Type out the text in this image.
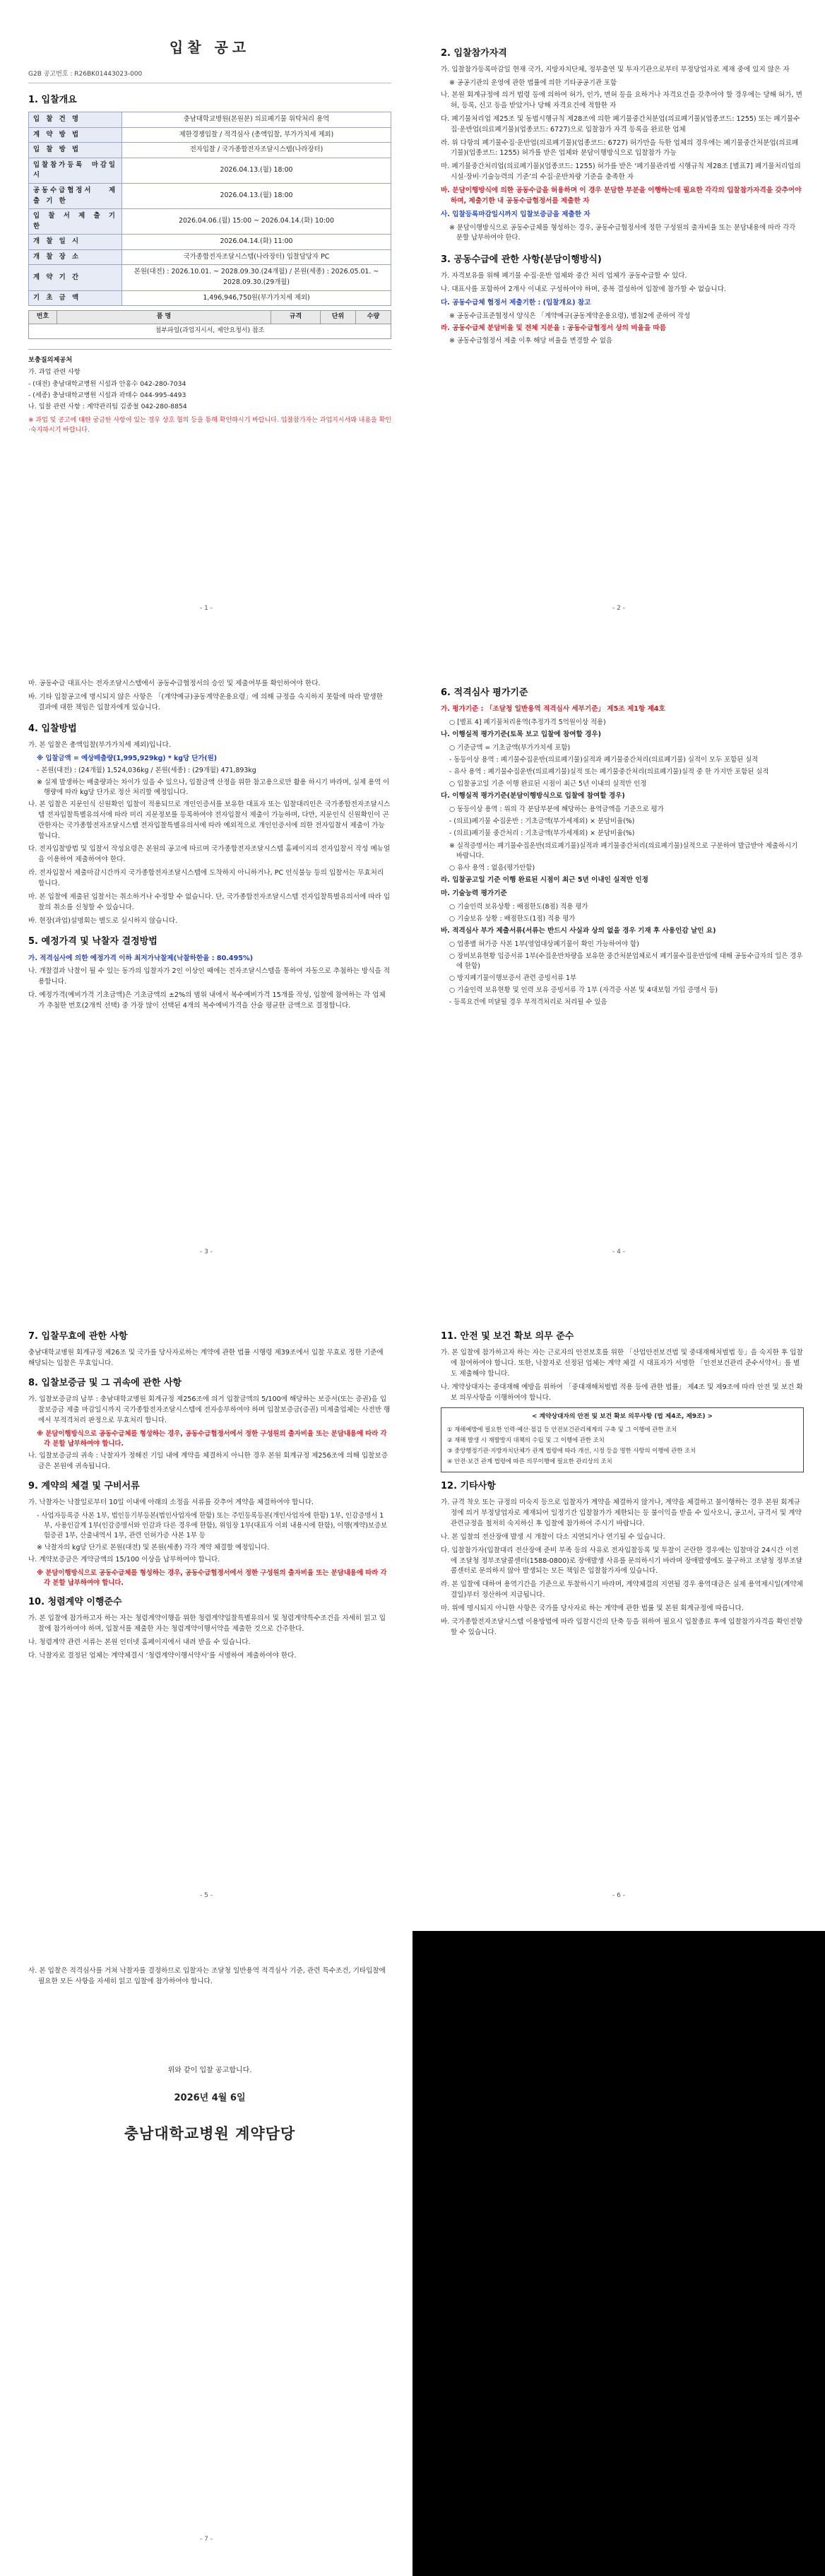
입찰 공고
G2B 공고번호 : R26BK01443023-000
1. 입찰개요
입 찰 건 명	충남대학교병원(본원분) 의료폐기물 위탁처리 용역
계 약 방 법	제한경쟁입찰 / 적격심사 (총액입찰, 부가가치세 제외)
입 찰 방 법	전자입찰 / 국가종합전자조달시스템(나라장터)
입찰참가등록 마감일시	2026.04.13.(월) 18:00
공동수급협정서 제 출 기 한	2026.04.13.(월) 18:00
입 찰 서 제 출 기 한	2026.04.06.(월) 15:00 ~ 2026.04.14.(화) 10:00
개 찰 일 시	2026.04.14.(화) 11:00
개 찰 장 소	국가종합전자조달시스템(나라장터) 입찰담당자 PC
계 약 기 간	본원(대전) : 2026.10.01. ~ 2028.09.30.(24개월) / 본원(세종) : 2026.05.01. ~ 2028.09.30.(29개월)
기 초 금 액	1,496,946,750원(부가가치세 제외)
번호	품 명	규격	단위	수량
첨부파일(과업지시서, 제안요청서) 참조
보충질의제공처

가. 과업 관련 사항

- (대전) 충남대학교병원 시설과 안홍수 042-280-7034

- (세종) 충남대학교병원 시설과 곽태수 044-995-4493

나. 입찰 관련 사항 : 계약관리팀 김종철 042-280-8854

※ 과업 및 공고에 대한 궁금한 사항이 있는 경우 상호 협의 등을 통해 확인하시기 바랍니다. 입찰참가자는 과업지시서와 내용을 확인·숙지하시기 바랍니다.

- 1 -
2. 입찰참가자격

가. 입찰참가등록마감일 현재 국가, 지방자치단체, 정부출연 및 투자기관으로부터 부정당업자로 제재 중에 있지 않은 자

※ 공공기관의 운영에 관한 법률에 의한 기타공공기관 포함

나. 본원 회계규정에 의거 법령 등에 의하여 허가, 인가, 면허 등을 요하거나 자격요건을 갖추어야 할 경우에는 당해 허가, 면허, 등록, 신고 등을 받았거나 당해 자격요건에 적합한 자

다. 폐기물처리업 제25조 및 동법시행규칙 제28조에 의한 폐기물중간처분업(의료폐기물)(업종코드: 1255) 또는 폐기물수집·운반업(의료폐기물)(업종코드: 6727)으로 입찰참가 자격 등록을 완료한 업체

라. 위 다항의 폐기물수집·운반업(의료폐기물)(업종코드: 6727) 허가만을 득한 업체의 경우에는 폐기물중간처분업(의료폐기물)(업종코드: 1255) 허가를 받은 업체와 분담이행방식으로 입찰참가 가능

마. 폐기물중간처리업(의료폐기물)(업종코드: 1255) 허가를 받은 ‘폐기물관리법 시행규칙 제28조 [별표7] 폐기물처리업의 시설·장비·기술능력의 기준’의 수집·운반차량 기준을 충족한 자

바. 분담이행방식에 의한 공동수급을 허용하며 이 경우 분담한 부분을 이행하는데 필요한 각각의 입찰참가자격을 갖추어야 하며, 제출기한 내 공동수급협정서를 제출한 자

사. 입찰등록마감일시까지 입찰보증금을 제출한 자

※ 분담이행방식으로 공동수급체를 형성하는 경우, 공동수급협정서에 정한 구성원의 출자비율 또는 분담내용에 따라 각각 분할 납부하여야 한다.

3. 공동수급에 관한 사항(분담이행방식)

가. 자격보유를 위해 폐기물 수집·운반 업체와 중간 처리 업체가 공동수급할 수 있다.

나. 대표사를 포함하여 2개사 이내로 구성하여야 하며, 중복 결성하여 입찰에 참가할 수 없습니다.

다. 공동수급체 협정서 제출기한 : (입찰개요) 참고

※ 공동수급표준협정서 양식은 「계약예규(공동계약운용요령), 별첨2에 준하여 작성

라. 공동수급체 분담비율 및 전체 지분율 : 공동수급협정서 상의 비율을 따름

※ 공동수급협정서 제출 이후 해당 비율을 변경할 수 없음

- 2 -

마. 공동수급 대표사는 전자조달시스템에서 공동수급협정서의 승인 및 제출여부를 확인하여야 한다.

바. 기타 입찰공고에 명시되지 않은 사항은 「(계약예규)공동계약운용요령」에 의해 규정을 숙지하지 못함에 따라 발생한 결과에 대한 책임은 입찰자에게 있습니다.

4. 입찰방법

가. 본 입찰은 총액입찰(부가가치세 제외)입니다.

※ 입찰금액 = 예상배출량(1,995,929kg) * kg당 단가(원)

- 본원(대전) : (24개월) 1,524,036kg / 본원(세종) : (29개월) 471,893kg

※ 실제 발생하는 배출량과는 차이가 있을 수 있으나, 입찰금액 산정을 위한 참고용으로만 활용 하시기 바라며, 실제 용역 이행량에 따라 kg당 단가로 정산 처리할 예정입니다.

나. 본 입찰은 지문인식 신원확인 입찰이 적용되므로 개인인증서를 보유한 대표자 또는 입찰대리인은 국가종합전자조달시스템 전자입찰특별유의서에 따라 미리 지문정보를 등록하여야 전자입찰서 제출이 가능하며, 다만, 지문인식 신원확인이 곤란한자는 국가종합전자조달시스템 전자입찰특별유의서에 따라 예외적으로 개인인증서에 의한 전자입찰서 제출이 가능합니다.

다. 전자입찰방법 및 입찰서 작성요령은 본원의 공고에 따르며 국가종합전자조달시스템 홈페이지의 전자입찰서 작성 메뉴얼을 이용하여 제출하여야 한다.

라. 전자입찰서 제출마감시간까지 국가종합전자조달시스템에 도착하지 아니하거나, PC 인식불능 등의 입찰서는 무효처리 합니다.

마. 본 입찰에 제출된 입찰서는 취소하거나 수정할 수 없습니다. 단, 국가종합전자조달시스템 전자입찰특별유의서에 따라 입찰의 취소를 신청할 수 있습니다.

바. 현장(과업)설명회는 별도로 실시하지 않습니다.

5. 예정가격 및 낙찰자 결정방법

가. 적격심사에 의한 예정가격 이하 최저가낙찰제(낙찰하한율 : 80.495%)

나. 개찰결과 낙찰이 될 수 있는 동가의 입찰자가 2인 이상인 때에는 전자조달시스템을 통하여 자동으로 추첨하는 방식을 적용합니다.

다. 예정가격(예비가격 기초금액)은 기초금액의 ±2%의 범위 내에서 복수예비가격 15개를 작성, 입찰에 참여하는 각 업체가 추첨한 번호(2개씩 선택) 중 가장 많이 선택된 4개의 복수예비가격을 산술 평균한 금액으로 결정합니다.

- 3 -
6. 적격심사 평가기준

가. 평가기준 : 「조달청 일반용역 적격심사 세부기준」 제5조 제1항 제4호

○ [별표 4] 폐기물처리용역(추정가격 5억원이상 적용)

나. 이행실적 평가기준(토목 보고 입찰에 참여할 경우)

○ 기준금액 = 기초금액(부가가치세 포함)

- 동등이상 용역 : 폐기물수집운반(의료폐기물)실적과 폐기물중간처리(의료폐기물) 실적이 모두 포함된 실적

- 유사 용역 : 폐기물수집운반(의료폐기물)실적 또는 폐기물중간처리(의료폐기물)실적 중 한 가지만 포함된 실적

○ 입찰공고일 기준 이행 완료된 시점이 최근 5년 이내의 실적만 인정

다. 이행실적 평가기준(분담이행방식으로 입찰에 참여할 경우)

○ 동등이상 용역 : 위의 각 분담부분에 해당하는 용역금액을 기준으로 평가

- (의료)폐기물 수집운반 : 기초금액(부가세제외) × 분담비율(%)

- (의료)폐기물 중간처리 : 기초금액(부가세제외) × 분담비율(%)

※ 실적증명서는 폐기물수집운반(의료폐기물)실적과 폐기물중간처리(의료폐기물)실적으로 구분하여 발급받아 제출하시기 바랍니다.

○ 유사 용역 : 없음(평가안함)

라. 입찰공고일 기준 이행 완료된 시점이 최근 5년 이내인 실적만 인정

마. 기술능력 평가기준

○ 기술인력 보유상황 : 배점한도(8점) 적용 평가

○ 기술보유 상황 : 배점한도(1점) 적용 평가

바. 적격심사 부가 제출서류(서류는 반드시 사실과 상의 없을 경우 기재 후 사용인감 날인 요)

○ 업종별 허가증 사본 1부(영업대상폐기물이 확인 가능하여야 함)

○ 장비보유현황 입증서류 1부(수집운반차량을 보유한 중간처분업체로서 폐기물수집운반업에 대해 공동수급자의 일은 경우에 한함)

○ 방지폐기물이행보증서 관련 증빙서류 1부

○ 기술인력 보유현황 및 인력 보유 증빙서류 각 1부 (자격증 사본 및 4대보험 가입 증명서 등)

- 등록요건에 미달될 경우 부적격처리로 처리될 수 있음

- 4 -
7. 입찰무효에 관한 사항

충남대학교병원 회계규정 제26조 및 국가를 당사자로하는 계약에 관한 법률 시행령 제39조에서 입찰 무효로 정한 기준에 해당되는 입찰은 무효입니다.

8. 입찰보증금 및 그 귀속에 관한 사항

가. 입찰보증금의 납부 : 충남대학교병원 회계규정 제256조에 의거 입찰금액의 5/100에 해당하는 보증서(또는 증권)을 입찰보증금 제출 마감일시까지 국가종합전자조달시스템에 전자송부하여야 하며 입찰보증금(증권) 미제출업체는 사전반 행에서 부적격처리 판정으로 무효처리 합니다.

※ 분담이행방식으로 공동수급체를 형성하는 경우, 공동수급협정서에서 정한 구성원의 출자비율 또는 분담내용에 따라 각각 분할 납부하여야 합니다.

나. 입찰보증금의 귀속 : 낙찰자가 정해진 기일 내에 계약을 체결하지 아니한 경우 본원 회계규정 제256조에 의해 입찰보증금은 본원에 귀속됩니다.

9. 계약의 체결 및 구비서류

가. 낙찰자는 낙찰일로부터 10일 이내에 아래의 소정을 서류를 갖추어 계약을 체결하여야 합니다.

- 사업자등록증 사본 1부, 법인등기부등본(법인사업자에 한함) 또는 주민등록등본(개인사업자에 한함) 1부, 인감증명서 1부, 사용인감계 1부(인감증명서와 인감과 다른 경우에 한함), 위임장 1부(대표자 이외 내용시에 한함), 이행(계약)보증보험증권 1부, 산출내역서 1부, 관련 인허가증 사본 1부 등

※ 낙찰자의 kg당 단가로 본원(대전) 및 본원(세종) 각각 계약 체결할 예정입니다.

나. 계약보증금은 계약금액의 15/100 이상을 납부하여야 합니다.

※ 분담이행방식으로 공동수급체를 형성하는 경우, 공동수급협정서에서 정한 구성원의 출자비율 또는 분담내용에 따라 각각 분할 납부하여야 합니다.

10. 청렴계약 이행준수

가. 본 입찰에 참가하고자 하는 자는 청렴계약이행을 위한 청렴계약입찰특별유의서 및 청렴계약특수조건을 자세히 읽고 입찰에 참가하여야 하며, 입찰서를 제출한 자는 청렴계약이행서약을 제출한 것으로 간주한다.

나. 청렴계약 관련 서류는 본원 인터넷 홈페이지에서 내려 받을 수 있습니다.

다. 낙찰자로 결정된 업체는 계약체결시 ‘청렴계약이행서약서’를 서명하여 제출하여야 한다.

- 5 -
11. 안전 및 보건 확보 의무 준수

가. 본 입찰에 참가하고자 하는 자는 근로자의 안전보호를 위한 「산업안전보건법 및 중대재해처벌법 등」을 숙지한 후 입찰에 참여하여야 합니다. 또한, 낙찰자로 선정된 업체는 계약 체결 시 대표자가 서명한 「안전보건관리 준수서약서」를 별도 제출해야 합니다.

나. 계약상대자는 중대재해 예방을 위하여 「중대재해처벌법 적용 등에 관한 법률」 제4조 및 제9조에 따라 안전 및 보건 확보 의무사항을 이행하여야 합니다.

< 계약상대자의 안전 및 보건 확보 의무사항 (법 제4조, 제9조) >

① 재해예방에 필요한 인력·예산·점검 등 안전보건관리체계의 구축 및 그 이행에 관한 조치

② 재해 발생 시 재발방지 대책의 수립 및 그 이행에 관한 조치

③ 중앙행정기관·지방자치단체가 관계 법령에 따라 개선, 시정 등을 명한 사항의 이행에 관한 조치

④ 안전·보건 관계 법령에 따른 의무이행에 필요한 관리상의 조치

12. 기타사항

가. 규격 착오 또는 규정의 미숙지 등으로 입찰자가 계약을 체결하지 않거나, 계약을 체결하고 불이행하는 경우 본원 회계규정에 의거 부정당업자로 제재되어 일정기간 입찰참가가 제한되는 등 불이익을 받을 수 있사오니, 공고서, 규격서 및 계약관련규정을 철저히 숙지하신 후 입찰에 참가하여 주시기 바랍니다.

나. 본 입찰의 전산장애 발생 시 개찰이 다소 지연되거나 연기될 수 있습니다.

다. 입찰참가자(입찰대리 전산장애 준비 부족 등의 사유로 전자입찰등록 및 투찰이 곤란한 경우에는 입찰마감 24시간 이전에 조달청 정부조달콜센터(1588-0800)로 장애발생 사유를 문의하시기 바라며 장애발생에도 불구하고 조달청 정부조달콜센터로 문의하지 않아 발생되는 모든 책임은 입찰참가자에 있습니다.

라. 본 입찰에 대하여 용역기간을 기준으로 투찰하시기 바라며, 계약체결의 지연될 경우 용역대금은 실제 용역제시일(계약체결일)부터 정산하여 지급됩니다.

마. 위에 명시되지 아니한 사항은 국가를 당사자로 하는 계약에 관한 법률 및 본원 회계규정에 따릅니다.

바. 국가종합전자조달시스템 이용방법에 따라 입찰시간의 단축 등을 위하여 필요시 입찰종료 후에 입찰참가자격을 확인전향할 수 있습니다.

- 6 -

사. 본 입찰은 적격심사를 거쳐 낙찰자를 결정하므로 입찰자는 조달청 일반용역 적격심사 기준, 관련 특수조건, 기타입찰에 필요한 모든 사항을 자세히 읽고 입찰에 참가하여야 합니다.

위와 같이 입찰 공고합니다.
2026년 4월 6일
충남대학교병원 계약담당
- 7 -
